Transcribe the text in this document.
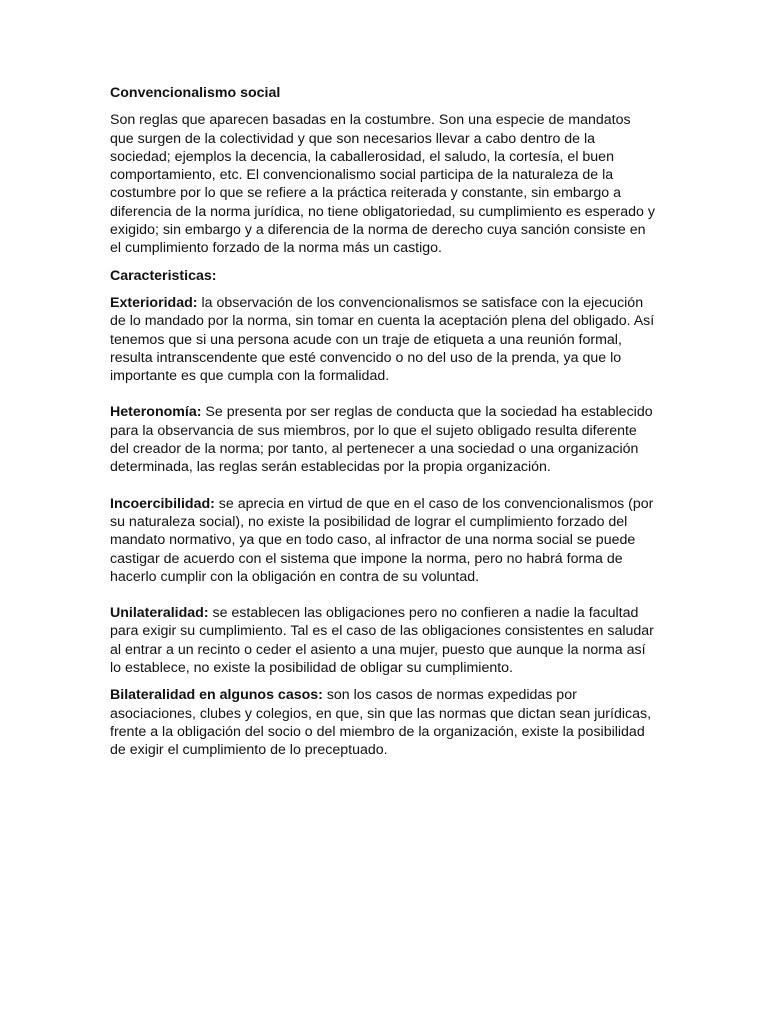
Convencionalismo social

Son reglas que aparecen basadas en la costumbre. Son una especie de mandatos que surgen de la colectividad y que son necesarios llevar a cabo dentro de la sociedad; ejemplos la decencia, la caballerosidad, el saludo, la cortesía, el buen comportamiento, etc. El convencionalismo social participa de la naturaleza de la costumbre por lo que se refiere a la práctica reiterada y constante, sin embargo a diferencia de la norma jurídica, no tiene obligatoriedad, su cumplimiento es esperado y exigido; sin embargo y a diferencia de la norma de derecho cuya sanción consiste en el cumplimiento forzado de la norma más un castigo.

Caracteristicas:

Exterioridad: la observación de los convencionalismos se satisface con la ejecución de lo mandado por la norma, sin tomar en cuenta la aceptación plena del obligado. Así tenemos que si una persona acude con un traje de etiqueta a una reunión formal, resulta intranscendente que esté convencido o no del uso de la prenda, ya que lo importante es que cumpla con la formalidad.

Heteronomía: Se presenta por ser reglas de conducta que la sociedad ha establecido para la observancia de sus miembros, por lo que el sujeto obligado resulta diferente del creador de la norma; por tanto, al pertenecer a una sociedad o una organización determinada, las reglas serán establecidas por la propia organización.

Incoercibilidad: se aprecia en virtud de que en el caso de los convencionalismos (por su naturaleza social), no existe la posibilidad de lograr el cumplimiento forzado del mandato normativo, ya que en todo caso, al infractor de una norma social se puede castigar de acuerdo con el sistema que impone la norma, pero no habrá forma de hacerlo cumplir con la obligación en contra de su voluntad.

Unilateralidad: se establecen las obligaciones pero no confieren a nadie la facultad para exigir su cumplimiento. Tal es el caso de las obligaciones consistentes en saludar al entrar a un recinto o ceder el asiento a una mujer, puesto que aunque la norma así lo establece, no existe la posibilidad de obligar su cumplimiento.

Bilateralidad en algunos casos: son los casos de normas expedidas por asociaciones, clubes y colegios, en que, sin que las normas que dictan sean jurídicas, frente a la obligación del socio o del miembro de la organización, existe la posibilidad de exigir el cumplimiento de lo preceptuado.
